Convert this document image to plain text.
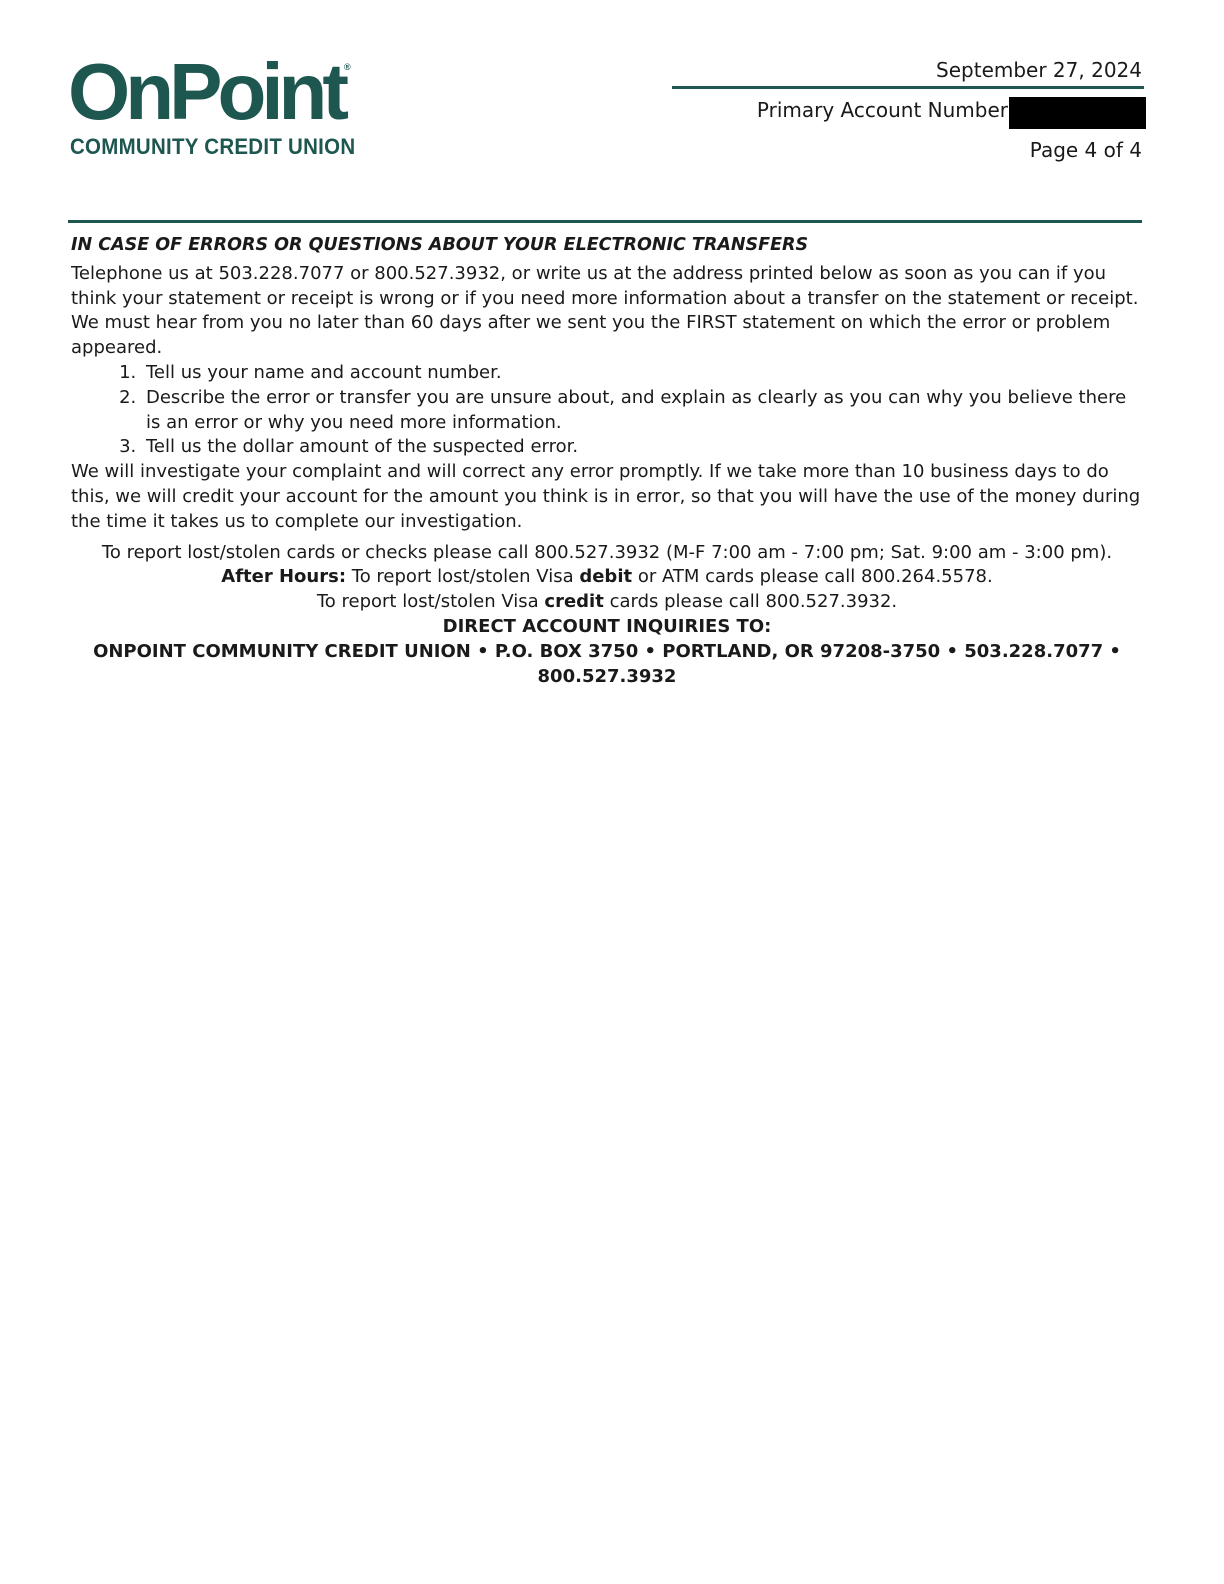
OnPoint ®
COMMUNITY CREDIT UNION
September 27, 2024
Primary Account Number
Page 4 of 4

IN CASE OF ERRORS OR QUESTIONS ABOUT YOUR ELECTRONIC TRANSFERS

Telephone us at 503.228.7077 or 800.527.3932, or write us at the address printed below as soon as you can if you think your statement or receipt is wrong or if you need more information about a transfer on the statement or receipt. We must hear from you no later than 60 days after we sent you the FIRST statement on which the error or problem appeared.

1. Tell us your name and account number.
2. Describe the error or transfer you are unsure about, and explain as clearly as you can why you believe there is an error or why you need more information.
3. Tell us the dollar amount of the suspected error.

We will investigate your complaint and will correct any error promptly. If we take more than 10 business days to do this, we will credit your account for the amount you think is in error, so that you will have the use of the money during the time it takes us to complete our investigation.

To report lost/stolen cards or checks please call 800.527.3932 (M-F 7:00 am - 7:00 pm; Sat. 9:00 am - 3:00 pm).

After Hours: To report lost/stolen Visa debit or ATM cards please call 800.264.5578.

To report lost/stolen Visa credit cards please call 800.527.3932.

DIRECT ACCOUNT INQUIRIES TO:

ONPOINT COMMUNITY CREDIT UNION • P.O. BOX 3750 • PORTLAND, OR 97208-3750 • 503.228.7077 • 800.527.3932
